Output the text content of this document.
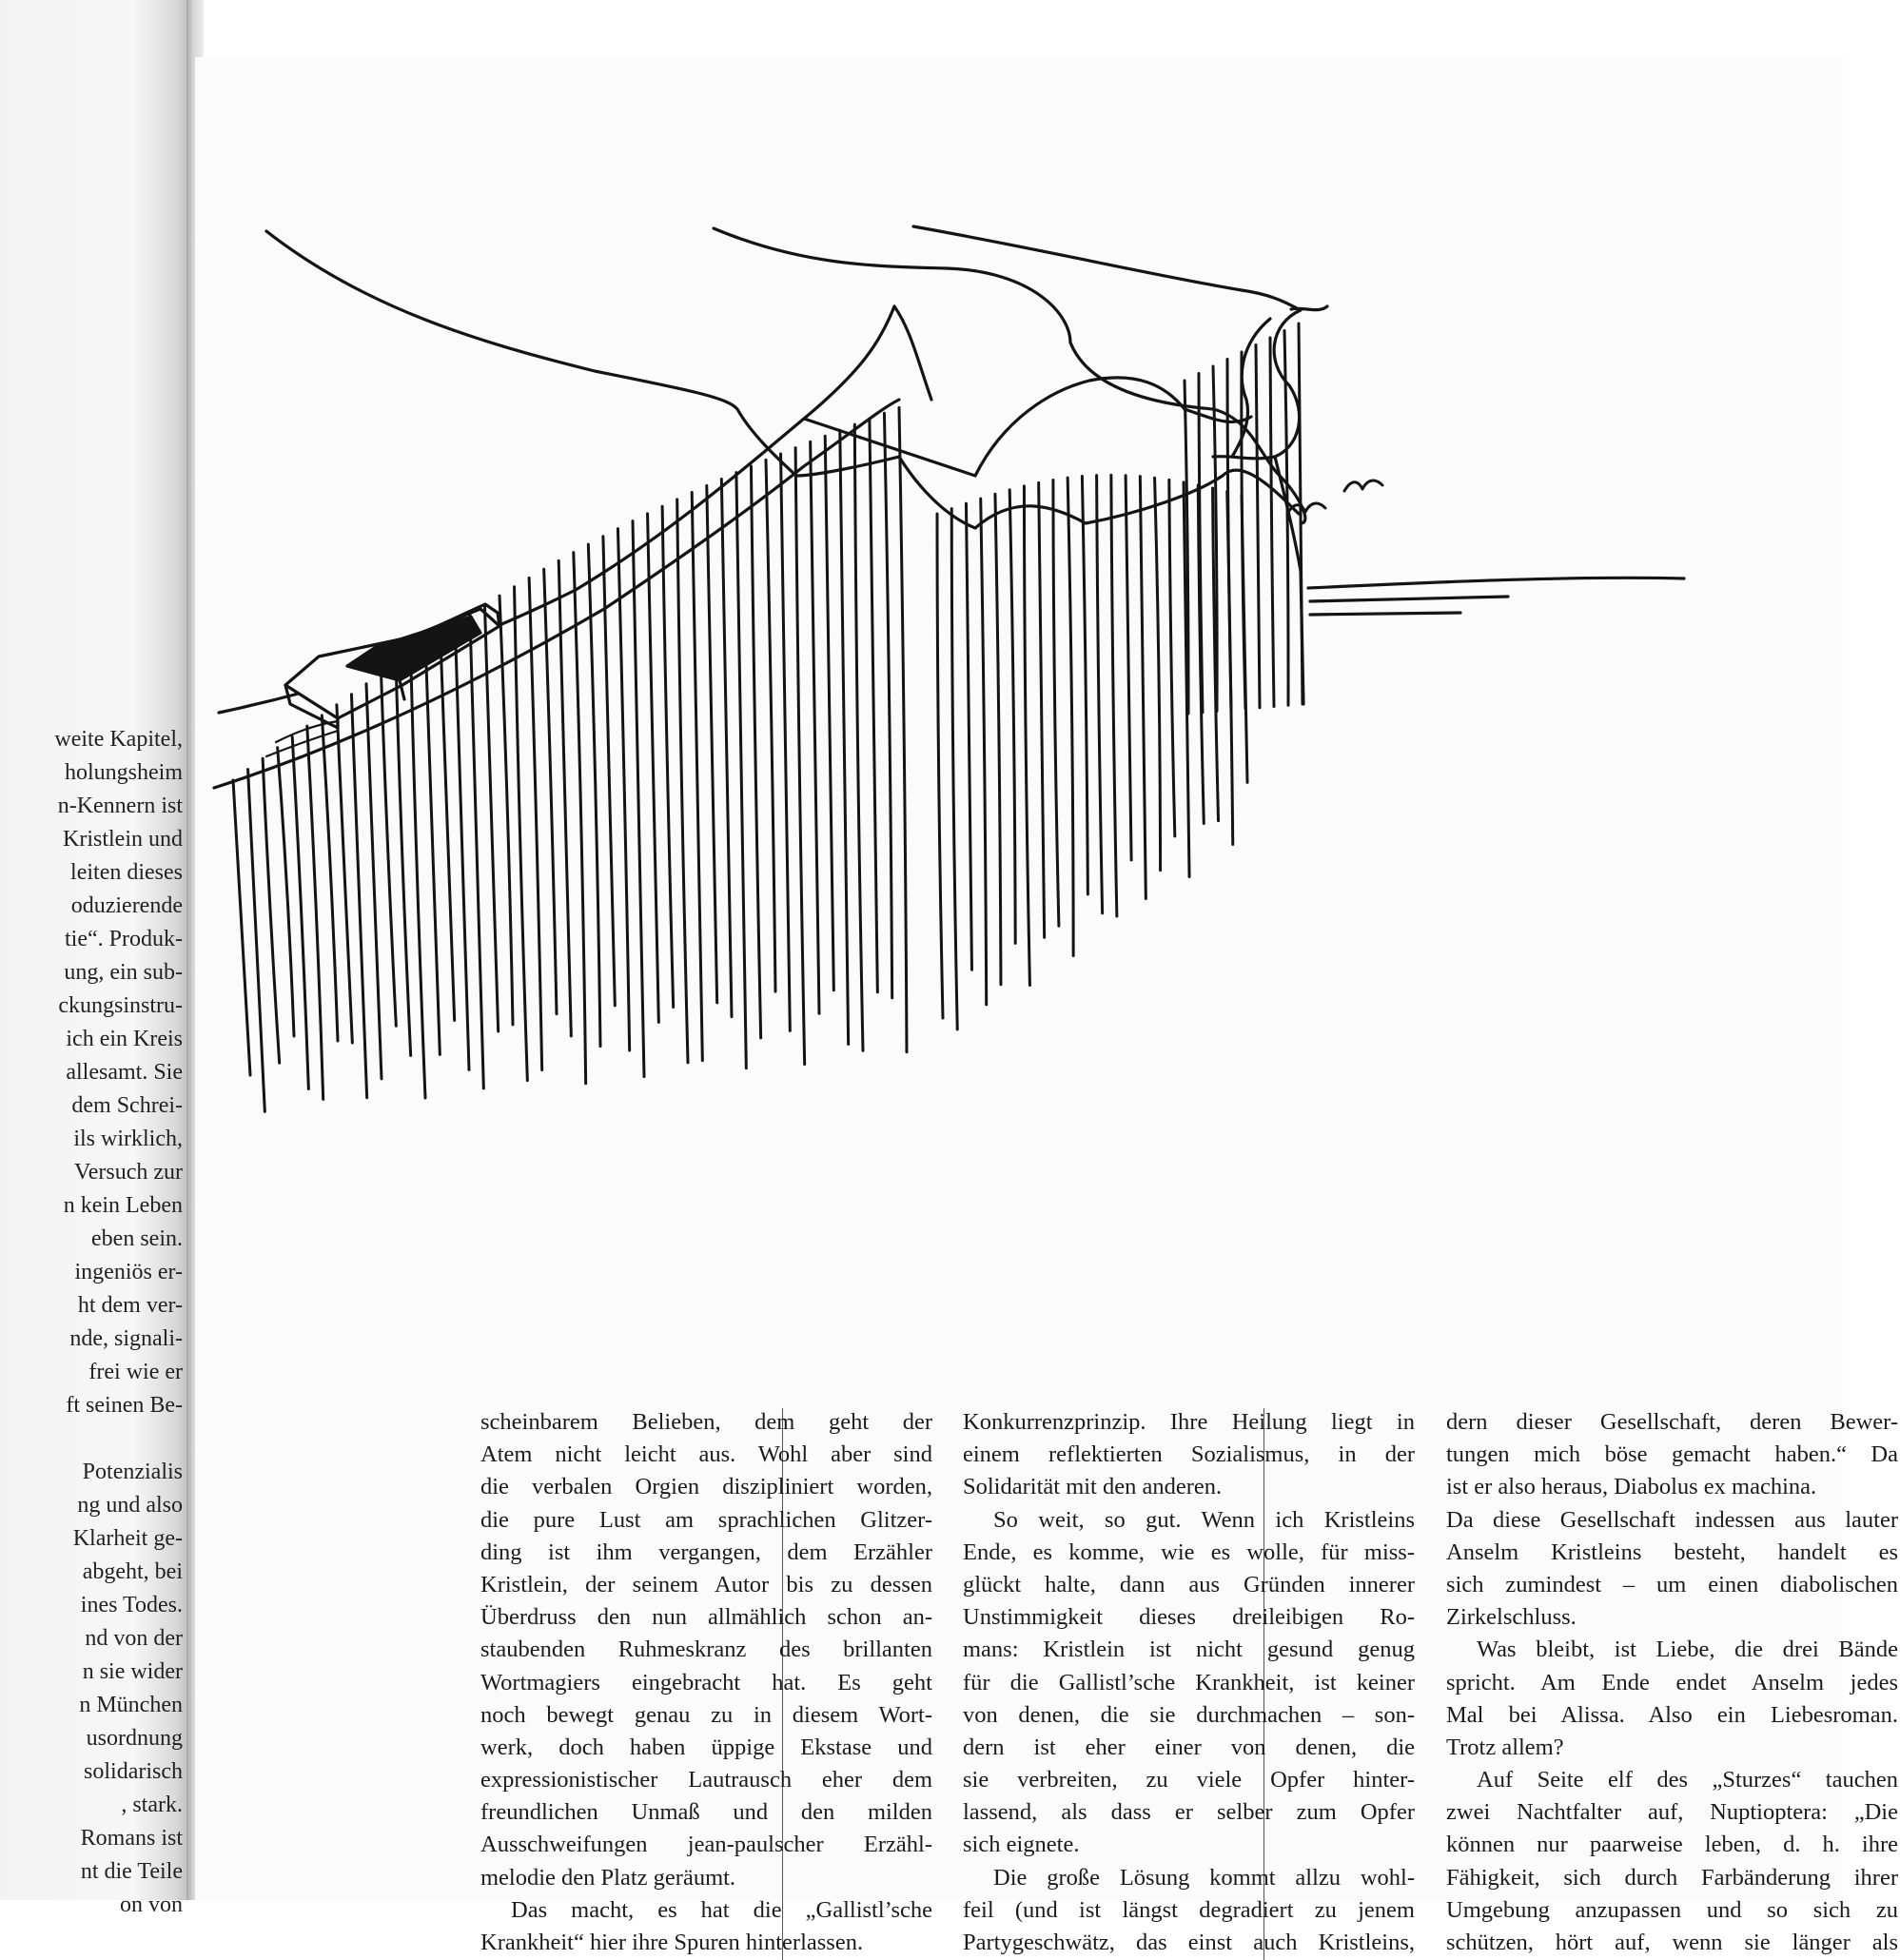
weite Kapitel,
holungsheim
n-Kennern ist
Kristlein und
leiten dieses
oduzierende
tie“. Produk-
ung, ein sub-
ckungsinstru-
ich ein Kreis
allesamt. Sie
dem Schrei-
ils wirklich,
Versuch zur
n kein Leben
eben sein.
ingeniös er-
ht dem ver-
nde, signali-
frei wie er
ft seinen Be-
Potenzialis
ng und also
Klarheit ge-
abgeht, bei
ines Todes.
nd von der
n sie wider
n München
usordnung
solidarisch
, stark.
Romans ist
nt die Teile
on von
scheinbarem Belieben, dem geht der
Atem nicht leicht aus. Wohl aber sind
die verbalen Orgien diszipliniert worden,
die pure Lust am sprachlichen Glitzer-
ding ist ihm vergangen, dem Erzähler
Kristlein, der seinem Autor bis zu dessen
Überdruss den nun allmählich schon an-
staubenden Ruhmeskranz des brillanten
Wortmagiers eingebracht hat. Es geht
noch bewegt genau zu in diesem Wort-
werk, doch haben üppige Ekstase und
expressionistischer Lautrausch eher dem
freundlichen Unmaß und den milden
Ausschweifungen jean-paulscher Erzähl-
melodie den Platz geräumt.
Das macht, es hat die „Gallistl’sche
Krankheit“ hier ihre Spuren hinterlassen.
Konkurrenzprinzip. Ihre Heilung liegt in
einem reflektierten Sozialismus, in der
Solidarität mit den anderen.
So weit, so gut. Wenn ich Kristleins
Ende, es komme, wie es wolle, für miss-
glückt halte, dann aus Gründen innerer
Unstimmigkeit dieses dreileibigen Ro-
mans: Kristlein ist nicht gesund genug
für die Gallistl’sche Krankheit, ist keiner
von denen, die sie durchmachen – son-
dern ist eher einer von denen, die
sie verbreiten, zu viele Opfer hinter-
lassend, als dass er selber zum Opfer
sich eignete.
Die große Lösung kommt allzu wohl-
feil (und ist längst degradiert zu jenem
Partygeschwätz, das einst auch Kristleins,
dern dieser Gesellschaft, deren Bewer-
tungen mich böse gemacht haben.“ Da
ist er also heraus, Diabolus ex machina.
Da diese Gesellschaft indessen aus lauter
Anselm Kristleins besteht, handelt es
sich zumindest – um einen diabolischen
Zirkelschluss.
Was bleibt, ist Liebe, die drei Bände
spricht. Am Ende endet Anselm jedes
Mal bei Alissa. Also ein Liebesroman.
Trotz allem?
Auf Seite elf des „Sturzes“ tauchen
zwei Nachtfalter auf, Nuptioptera: „Die
können nur paarweise leben, d. h. ihre
Fähigkeit, sich durch Farbänderung ihrer
Umgebung anzupassen und so sich zu
schützen, hört auf, wenn sie länger als
